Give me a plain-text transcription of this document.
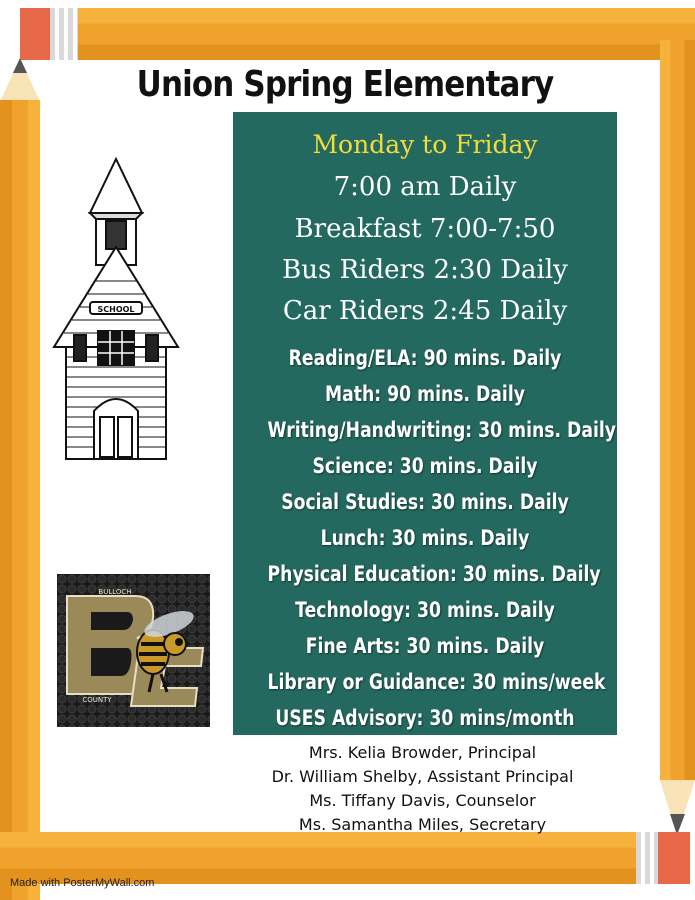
Union Spring Elementary
SCHOOL
BULLOCH
COUNTY
Monday to Friday
7:00 am Daily
Breakfast 7:00-7:50
Bus Riders 2:30 Daily
Car Riders 2:45 Daily
Reading/ELA: 90 mins. Daily
Math: 90 mins. Daily
Writing/Handwriting: 30 mins. Daily
Science: 30 mins. Daily
Social Studies: 30 mins. Daily
Lunch: 30 mins. Daily
Physical Education: 30 mins. Daily
Technology: 30 mins. Daily
Fine Arts: 30 mins. Daily
Library or Guidance: 30 mins/week
USES Advisory: 30 mins/month
Mrs. Kelia Browder, Principal
Dr. William Shelby, Assistant Principal
Ms. Tiffany Davis, Counselor
Ms. Samantha Miles, Secretary
Made with PosterMyWall.com
